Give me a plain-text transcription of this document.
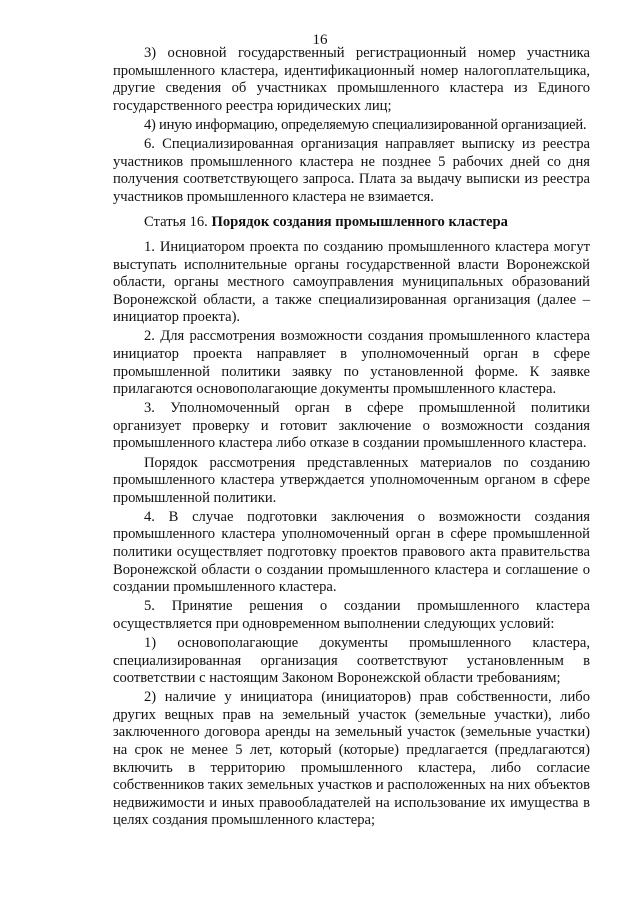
16

3) основной государственный регистрационный номер участника промышленного кластера, идентификационный номер налогоплательщика, другие сведения об участниках промышленного кластера из Единого государственного реестра юридических лиц;

4) иную информацию, определяемую специализированной организацией.

6. Специализированная организация направляет выписку из реестра участников промышленного кластера не позднее 5 рабочих дней со дня получения соответствующего запроса. Плата за выдачу выписки из реестра участников промышленного кластера не взимается.

Статья 16. Порядок создания промышленного кластера

1. Инициатором проекта по созданию промышленного кластера могут выступать исполнительные органы государственной власти Воронежской области, органы местного самоуправления муниципальных образований Воронежской области, а также специализированная организация (далее – инициатор проекта).

2. Для рассмотрения возможности создания промышленного кластера инициатор проекта направляет в уполномоченный орган в сфере промышленной политики заявку по установленной форме. К заявке прилагаются основополагающие документы промышленного кластера.

3. Уполномоченный орган в сфере промышленной политики организует проверку и готовит заключение о возможности создания промышленного кластера либо отказе в создании промышленного кластера.

Порядок рассмотрения представленных материалов по созданию промышленного кластера утверждается уполномоченным органом в сфере промышленной политики.

4. В случае подготовки заключения о возможности создания промышленного кластера уполномоченный орган в сфере промышленной политики осуществляет подготовку проектов правового акта правительства Воронежской области о создании промышленного кластера и соглашение о создании промышленного кластера.

5. Принятие решения о создании промышленного кластера осуществляется при одновременном выполнении следующих условий:

1) основополагающие документы промышленного кластера, специализированная организация соответствуют установленным в соответствии с настоящим Законом Воронежской области требованиям;

2) наличие у инициатора (инициаторов) прав собственности, либо других вещных прав на земельный участок (земельные участки), либо заключенного договора аренды на земельный участок (земельные участки) на срок не менее 5 лет, который (которые) предлагается (предлагаются) включить в территорию промышленного кластера, либо согласие собственников таких земельных участков и расположенных на них объектов недвижимости и иных правообладателей на использование их имущества в целях создания промышленного кластера;
